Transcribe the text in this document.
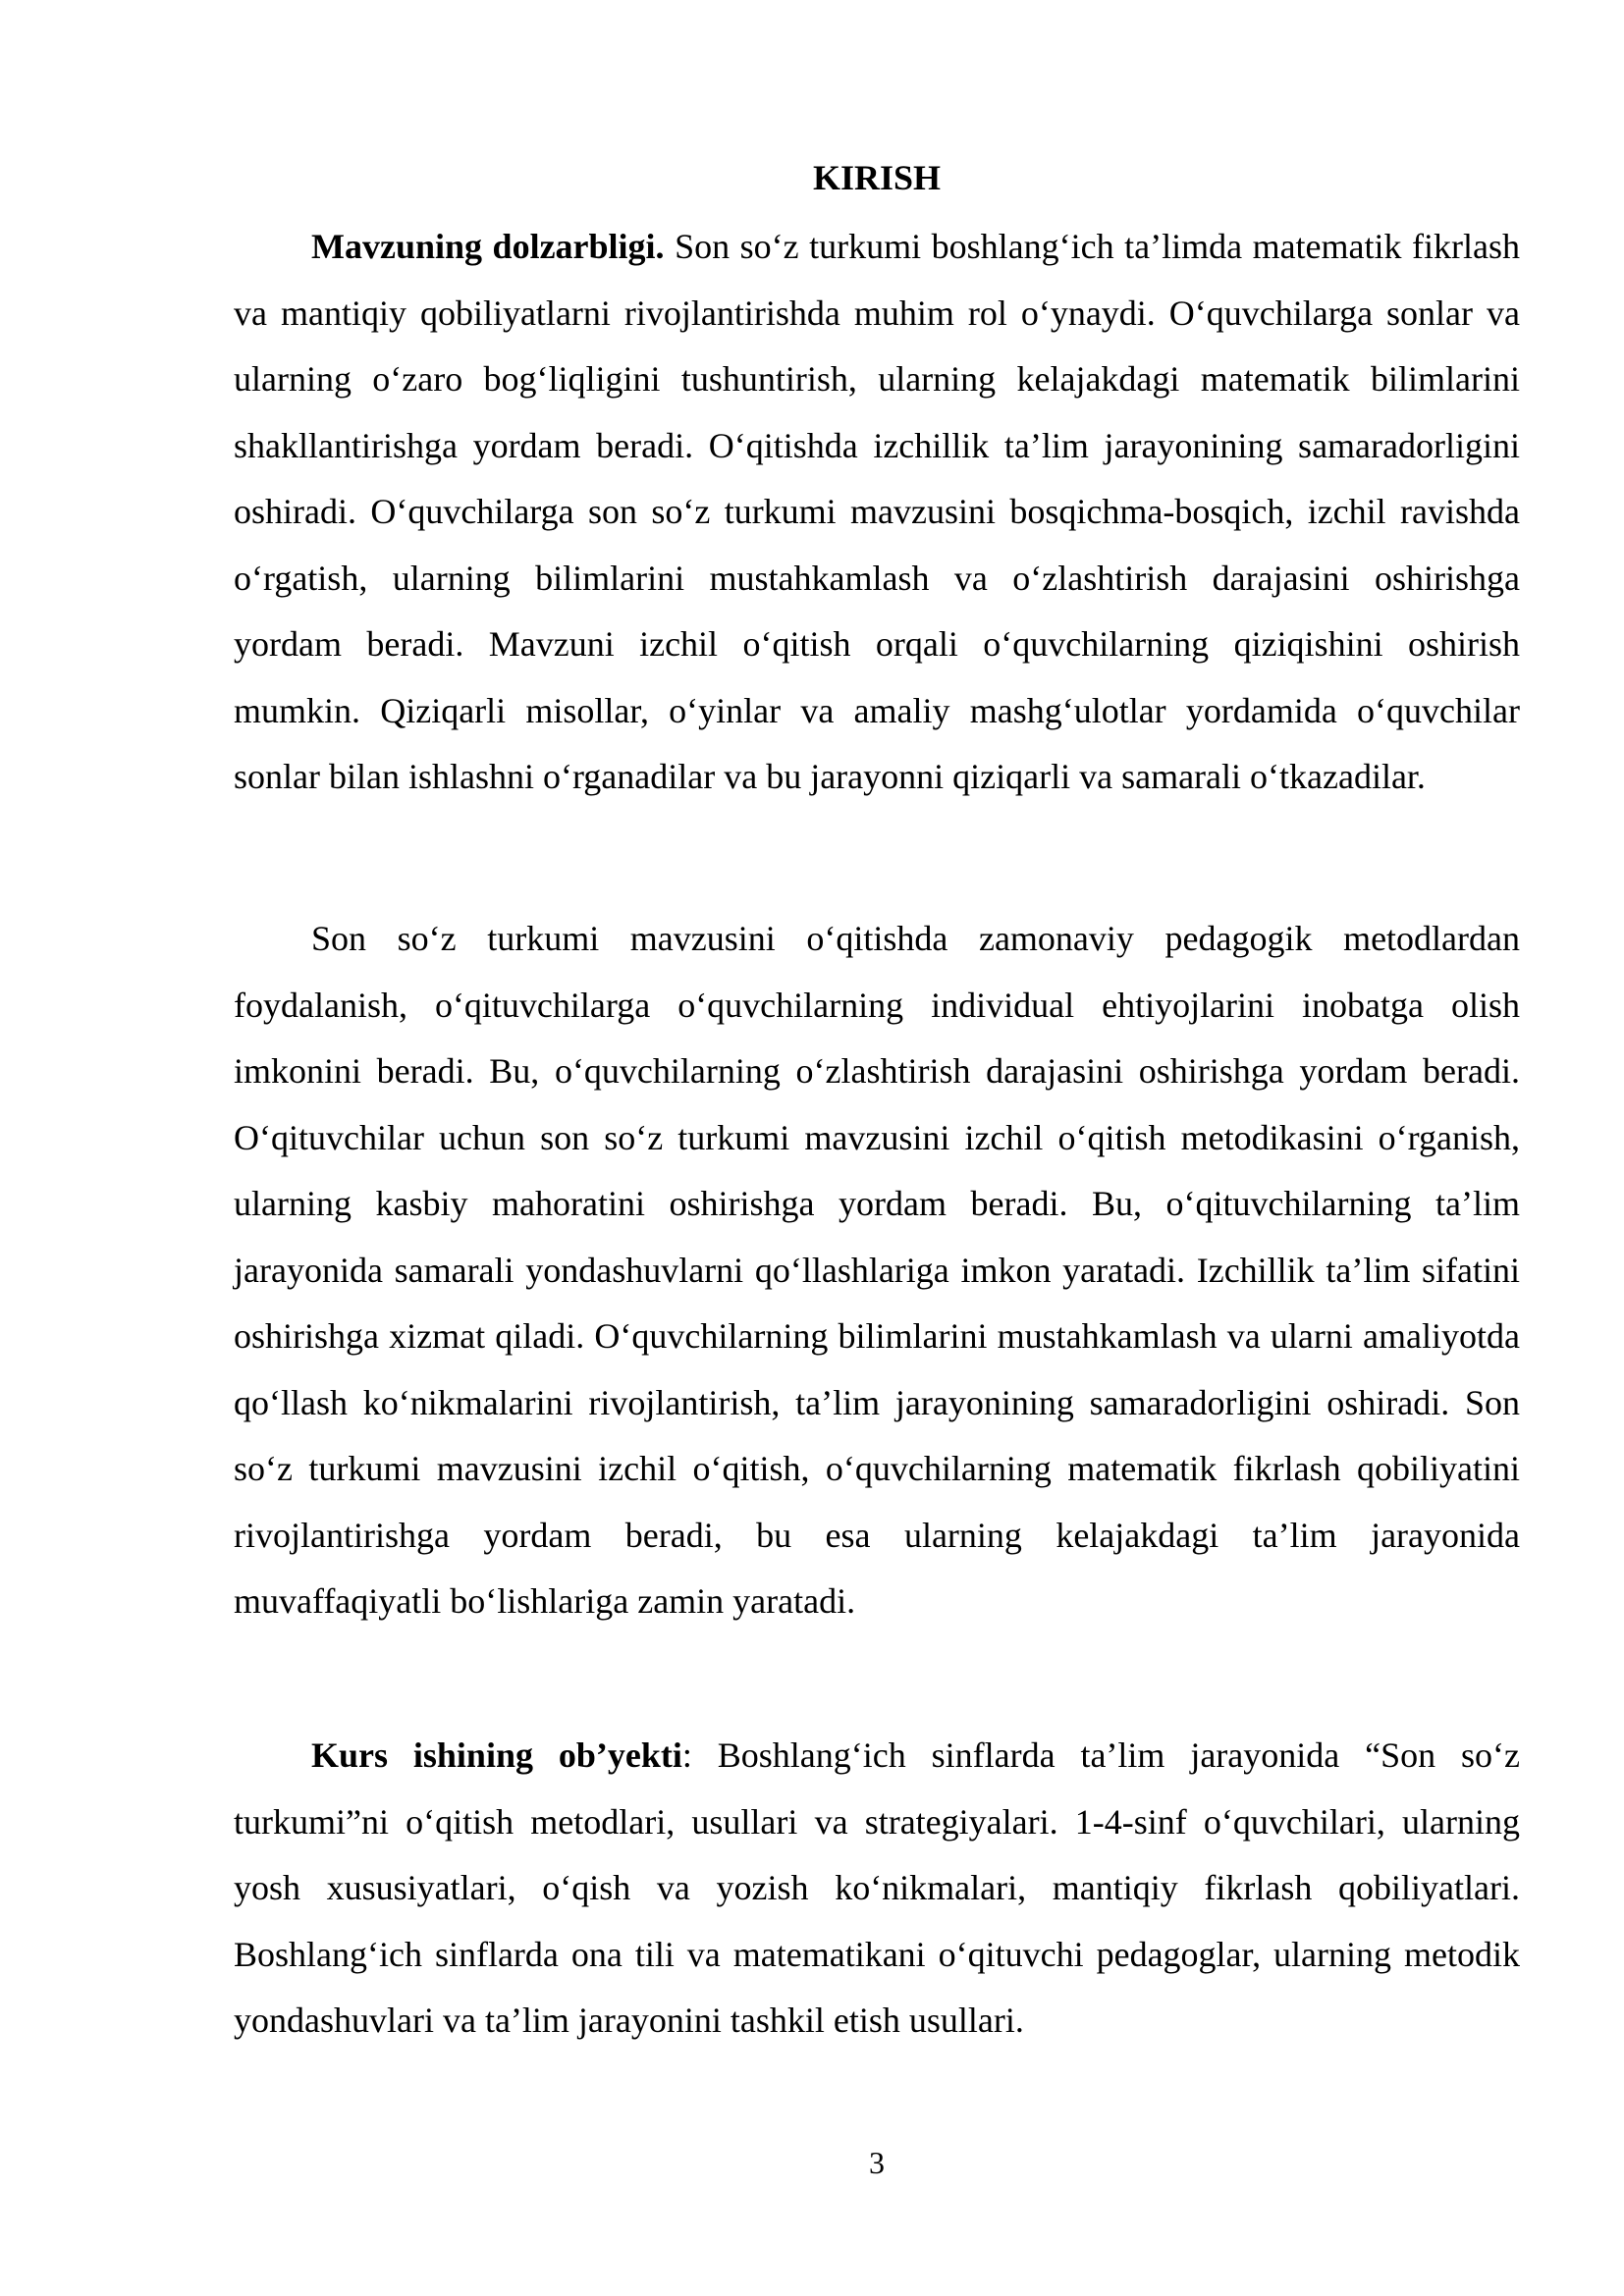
KIRISH

Mavzuning dolzarbligi. Son so‘z turkumi boshlang‘ich ta’limda matematik fikrlash va mantiqiy qobiliyatlarni rivojlantirishda muhim rol o‘ynaydi. O‘quvchilarga sonlar va ularning o‘zaro bog‘liqligini tushuntirish, ularning kelajakdagi matematik bilimlarini shakllantirishga yordam beradi. O‘qitishda izchillik ta’lim jarayonining samaradorligini oshiradi. O‘quvchilarga son so‘z turkumi mavzusini bosqichma-bosqich, izchil ravishda o‘rgatish, ularning bilimlarini mustahkamlash va o‘zlashtirish darajasini oshirishga yordam beradi. Mavzuni izchil o‘qitish orqali o‘quvchilarning qiziqishini oshirish mumkin. Qiziqarli misollar, o‘yinlar va amaliy mashg‘ulotlar yordamida o‘quvchilar sonlar bilan ishlashni o‘rganadilar va bu jarayonni qiziqarli va samarali o‘tkazadilar.

Son so‘z turkumi mavzusini o‘qitishda zamonaviy pedagogik metodlardan foydalanish, o‘qituvchilarga o‘quvchilarning individual ehtiyojlarini inobatga olish imkonini beradi. Bu, o‘quvchilarning o‘zlashtirish darajasini oshirishga yordam beradi. O‘qituvchilar uchun son so‘z turkumi mavzusini izchil o‘qitish metodikasini o‘rganish, ularning kasbiy mahoratini oshirishga yordam beradi. Bu, o‘qituvchilarning ta’lim jarayonida samarali yondashuvlarni qo‘llashlariga imkon yaratadi. Izchillik ta’lim sifatini oshirishga xizmat qiladi. O‘quvchilarning bilimlarini mustahkamlash va ularni amaliyotda qo‘llash ko‘nikmalarini rivojlantirish, ta’lim jarayonining samaradorligini oshiradi. Son so‘z turkumi mavzusini izchil o‘qitish, o‘quvchilarning matematik fikrlash qobiliyatini rivojlantirishga yordam beradi, bu esa ularning kelajakdagi ta’lim jarayonida muvaffaqiyatli bo‘lishlariga zamin yaratadi.

Kurs ishining ob’yekti: Boshlang‘ich sinflarda ta’lim jarayonida “Son so‘z turkumi”ni o‘qitish metodlari, usullari va strategiyalari. 1-4-sinf o‘quvchilari, ularning yosh xususiyatlari, o‘qish va yozish ko‘nikmalari, mantiqiy fikrlash qobiliyatlari. Boshlang‘ich sinflarda ona tili va matematikani o‘qituvchi pedagoglar, ularning metodik yondashuvlari va ta’lim jarayonini tashkil etish usullari.

3
